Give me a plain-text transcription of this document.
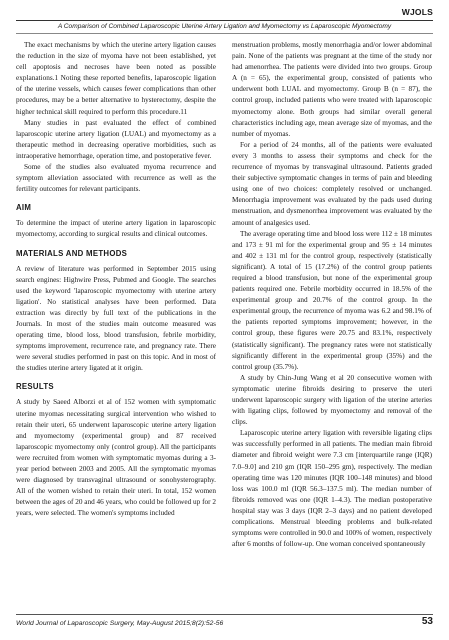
WJOLS
A Comparison of Combined Laparoscopic Uterine Artery Ligation and Myomectomy vs Laparoscopic Myomectomy

The exact mechanisms by which the uterine artery ligation causes the reduction in the size of myoma have not been established, yet cell apoptosis and necroses have been noted as possible explanations.1 Noting these reported benefits, laparoscopic ligation of the uterine vessels, which causes fewer complications than other procedures, may be a better alternative to hysterectomy, despite the higher technical skill required to perform this procedure.11

Many studies in past evaluated the effect of combined laparoscopic uterine artery ligation (LUAL) and myomectomy as a therapeutic method in decreasing operative morbidities, such as intraoperative hemorrhage, operation time, and postoperative fever.

Some of the studies also evaluated myoma recurrence and symptom alleviation associated with recurrence as well as the fertility outcomes for relevant participants.

AIM

To determine the impact of uterine artery ligation in laparoscopic myomectomy, according to surgical results and clinical outcomes.

MATERIALS AND METHODS

A review of literature was performed in September 2015 using search engines: Highwire Press, Pubmed and Google. The searches used the keyword 'laparoscopic myomectomy with uterine artery ligation'. No statistical analyses have been performed. Data extraction was directly by full text of the publications in the Journals. In most of the studies main outcome measured was operating time, blood loss, blood transfusion, febrile morbidity, symptoms improvement, recurrence rate, and pregnancy rate. There were several studies performed in past on this topic. And in most of the studies uterine artery ligated at it origin.

RESULTS

A study by Saeed Alborzi et al of 152 women with symptomatic uterine myomas necessitating surgical intervention who wished to retain their uteri, 65 underwent laparoscopic uterine artery ligation and myomectomy (experimental group) and 87 received laparoscopic myomectomy only (control group). All the participants were recruited from women with symptomatic myomas during a 3-year period between 2003 and 2005. All the symptomatic myomas were diagnosed by transvaginal ultrasound or sonohysterography. All of the women wished to retain their uteri. In total, 152 women between the ages of 20 and 46 years, who could be followed up for 2 years, were selected. The women's symptoms included

menstruation problems, mostly menorrhagia and/or lower abdominal pain. None of the patients was pregnant at the time of the study nor had amenorrhea. The patients were divided into two groups. Group A (n = 65), the experimental group, consisted of patients who underwent both LUAL and myomectomy. Group B (n = 87), the control group, included patients who were treated with laparoscopic myomectomy alone. Both groups had similar overall general characteristics including age, mean average size of myomas, and the number of myomas.

For a period of 24 months, all of the patients were evaluated every 3 months to assess their symptoms and check for the recurrence of myomas by transvaginal ultrasound. Patients graded their subjective symptomatic changes in terms of pain and bleeding using one of two choices: completely resolved or unchanged. Menorrhagia improvement was evaluated by the pads used during menstruation, and dysmenorrhea improvement was evaluated by the amount of analgesics used.

The average operating time and blood loss were 112 ± 18 minutes and 173 ± 91 ml for the experimental group and 95 ± 14 minutes and 402 ± 131 ml for the control group, respectively (statistically significant). A total of 15 (17.2%) of the control group patients required a blood transfusion, but none of the experimental group patients required one. Febrile morbidity occurred in 18.5% of the experimental group and 20.7% of the control group. In the experimental group, the recurrence of myoma was 6.2 and 98.1% of the patients reported symptoms improvement; however, in the control group, these figures were 20.75 and 83.1%, respectively (statistically significant). The pregnancy rates were not statistically significantly different in the experimental group (35%) and the control group (35.7%).

A study by Chin-Jung Wang et al 20 consecutive women with symptomatic uterine fibroids desiring to preserve the uteri underwent laparoscopic surgery with ligation of the uterine arteries with ligating clips, followed by myomectomy and removal of the clips.

Laparoscopic uterine artery ligation with reversible ligating clips was successfully performed in all patients. The median main fibroid diameter and fibroid weight were 7.3 cm [interquartile range (IQR) 7.0–9.0] and 210 gm (IQR 150–295 gm), respectively. The median operating time was 120 minutes (IQR 100–148 minutes) and blood loss was 100.0 ml (IQR 56.3–137.5 ml). The median number of fibroids removed was one (IQR 1–4.3). The median postoperative hospital stay was 3 days (IQR 2–3 days) and no patient developed complications. Menstrual bleeding problems and bulk-related symptoms were controlled in 90.0 and 100% of women, respectively after 6 months of follow-up. One woman conceived spontaneously

World Journal of Laparoscopic Surgery, May-August 2015;8(2):52-56	53
